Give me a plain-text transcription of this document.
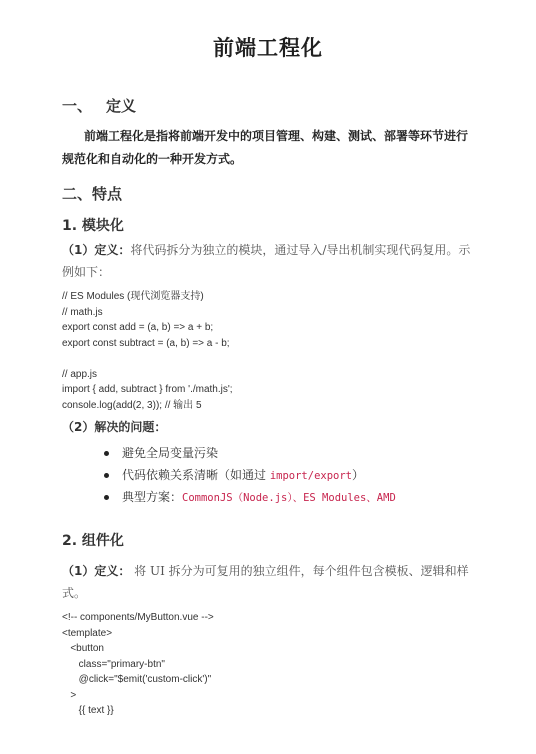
前端工程化
一、 定义
前端工程化是指将前端开发中的项目管理、构建、测试、部署等环节进行规范化和自动化的一种开发方式。
二、特点
1. 模块化
（1）定义：将代码拆分为独立的模块，通过导入/导出机制实现代码复用。示例如下：
// ES Modules (现代浏览器支持)
// math.js
export const add = (a, b) => a + b;
export const subtract = (a, b) => a - b;

// app.js
import { add, subtract } from './math.js';
console.log(add(2, 3)); // 输出 5
（2）解决的问题：
避免全局变量污染
代码依赖关系清晰（如通过 import/export）
典型方案：CommonJS（Node.js）、ES Modules、AMD
2. 组件化
（1）定义： 将 UI 拆分为可复用的独立组件，每个组件包含模板、逻辑和样式。
<!-- components/MyButton.vue -->
<template>
<button
class="primary-btn"
@click="$emit('custom-click')"
>
{{ text }}
